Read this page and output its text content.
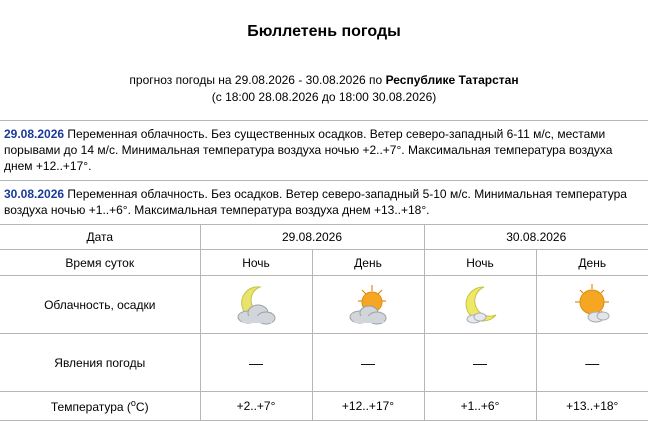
Бюллетень погоды
прогноз погоды на 29.08.2026 - 30.08.2026 по Республике Татарстан
(с 18:00 28.08.2026 до 18:00 30.08.2026)
29.08.2026 Переменная облачность. Без существенных осадков. Ветер северо-западный 6-11 м/с, местами порывами до 14 м/с. Минимальная температура воздуха ночью +2..+7°. Максимальная температура воздуха днем +12..+17°.
30.08.2026 Переменная облачность. Без осадков. Ветер северо-западный 5-10 м/с. Минимальная температура воздуха ночью +1..+6°. Максимальная температура воздуха днем +13..+18°.
Дата	29.08.2026		30.08.2026	
Время суток	Ночь	День	Ночь	День
Облачность, осадки				
Явления погоды	—	—	—	—
Температура ($^o$C)	+2..+7°	+12..+17°	+1..+6°	+13..+18°
